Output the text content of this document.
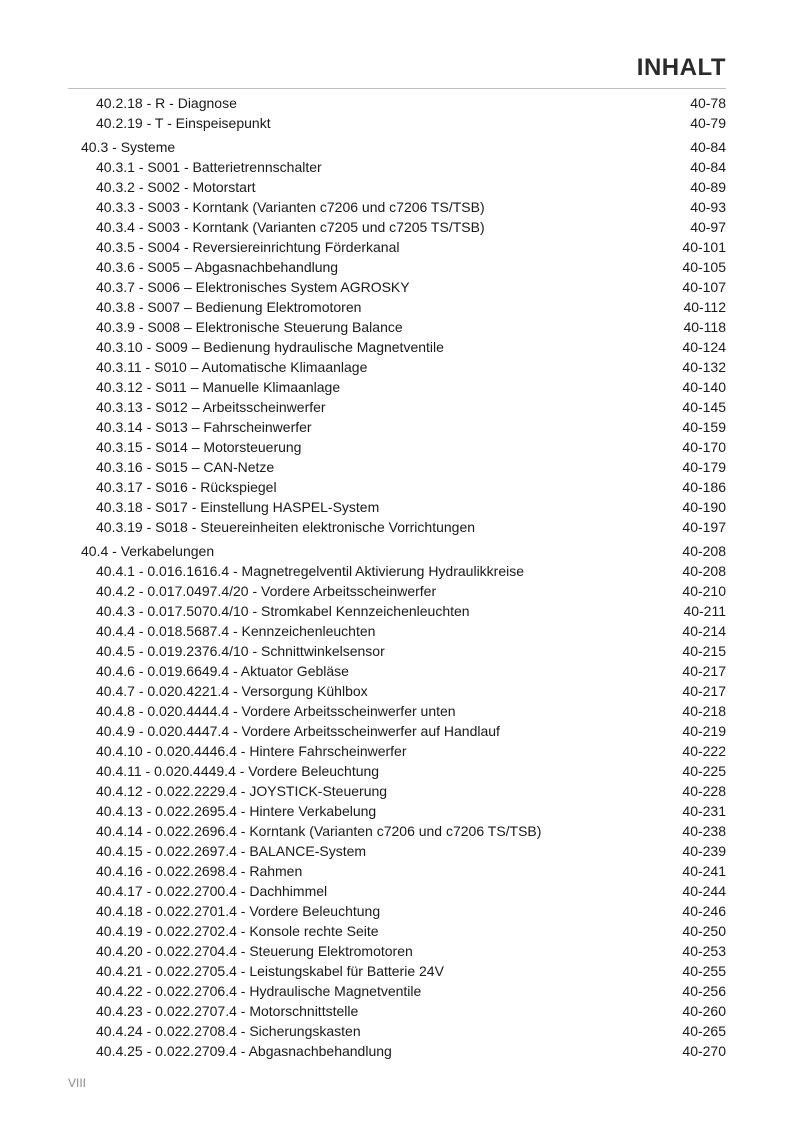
INHALT
40.2.18 - R - Diagnose	40-78
40.2.19 - T - Einspeisepunkt	40-79
40.3 - Systeme	40-84
40.3.1 - S001 - Batterietrennschalter	40-84
40.3.2 - S002 - Motorstart	40-89
40.3.3 - S003 - Korntank (Varianten c7206 und c7206 TS/TSB)	40-93
40.3.4 - S003 - Korntank (Varianten c7205 und c7205 TS/TSB)	40-97
40.3.5 - S004 - Reversiereinrichtung Förderkanal	40-101
40.3.6 - S005 – Abgasnachbehandlung	40-105
40.3.7 - S006 – Elektronisches System AGROSKY	40-107
40.3.8 - S007 – Bedienung Elektromotoren	40-112
40.3.9 - S008 – Elektronische Steuerung Balance	40-118
40.3.10 - S009 – Bedienung hydraulische Magnetventile	40-124
40.3.11 - S010 – Automatische Klimaanlage	40-132
40.3.12 - S011 – Manuelle Klimaanlage	40-140
40.3.13 - S012 – Arbeitsscheinwerfer	40-145
40.3.14 - S013 – Fahrscheinwerfer	40-159
40.3.15 - S014 – Motorsteuerung	40-170
40.3.16 - S015 – CAN-Netze	40-179
40.3.17 - S016 - Rückspiegel	40-186
40.3.18 - S017 - Einstellung HASPEL-System	40-190
40.3.19 - S018 - Steuereinheiten elektronische Vorrichtungen	40-197
40.4 - Verkabelungen	40-208
40.4.1 - 0.016.1616.4 - Magnetregelventil Aktivierung Hydraulikkreise	40-208
40.4.2 - 0.017.0497.4/20 - Vordere Arbeitsscheinwerfer	40-210
40.4.3 - 0.017.5070.4/10 - Stromkabel Kennzeichenleuchten	40-211
40.4.4 - 0.018.5687.4 - Kennzeichenleuchten	40-214
40.4.5 - 0.019.2376.4/10 - Schnittwinkelsensor	40-215
40.4.6 - 0.019.6649.4 - Aktuator Gebläse	40-217
40.4.7 - 0.020.4221.4 - Versorgung Kühlbox	40-217
40.4.8 - 0.020.4444.4 - Vordere Arbeitsscheinwerfer unten	40-218
40.4.9 - 0.020.4447.4 - Vordere Arbeitsscheinwerfer auf Handlauf	40-219
40.4.10 - 0.020.4446.4 - Hintere Fahrscheinwerfer	40-222
40.4.11 - 0.020.4449.4 - Vordere Beleuchtung	40-225
40.4.12 - 0.022.2229.4 - JOYSTICK-Steuerung	40-228
40.4.13 - 0.022.2695.4 - Hintere Verkabelung	40-231
40.4.14 - 0.022.2696.4 - Korntank (Varianten c7206 und c7206 TS/TSB)	40-238
40.4.15 - 0.022.2697.4 - BALANCE-System	40-239
40.4.16 - 0.022.2698.4 - Rahmen	40-241
40.4.17 - 0.022.2700.4 - Dachhimmel	40-244
40.4.18 - 0.022.2701.4 - Vordere Beleuchtung	40-246
40.4.19 - 0.022.2702.4 - Konsole rechte Seite	40-250
40.4.20 - 0.022.2704.4 - Steuerung Elektromotoren	40-253
40.4.21 - 0.022.2705.4 - Leistungskabel für Batterie 24V	40-255
40.4.22 - 0.022.2706.4 - Hydraulische Magnetventile	40-256
40.4.23 - 0.022.2707.4 - Motorschnittstelle	40-260
40.4.24 - 0.022.2708.4 - Sicherungskasten	40-265
40.4.25 - 0.022.2709.4 - Abgasnachbehandlung	40-270
VIII
